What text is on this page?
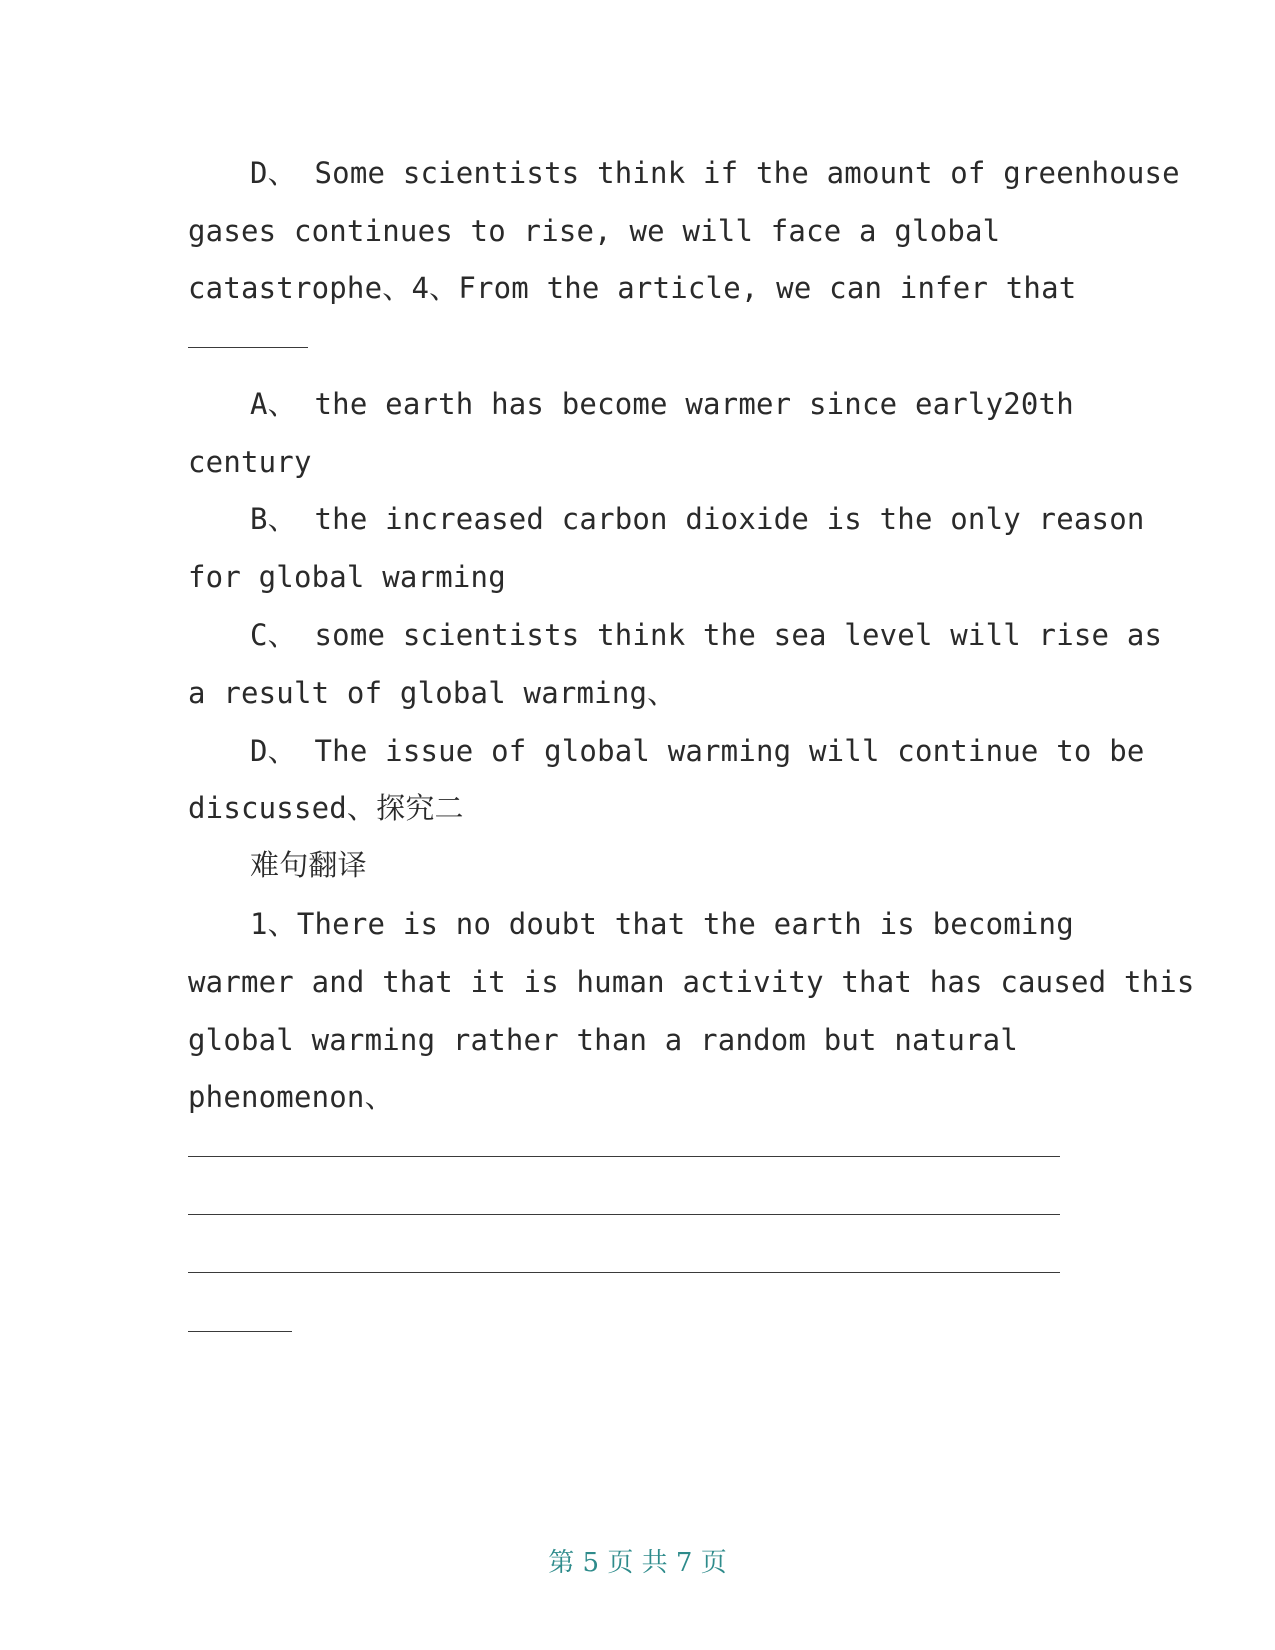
D、 Some scientists think if the amount of greenhouse
gases continues to rise, we will face a global
catastrophe、4、From the article, we can infer that
A、 the earth has become warmer since early20th
century
B、 the increased carbon dioxide is the only reason
for global warming
C、 some scientists think the sea level will rise as
a result of global warming、
D、 The issue of global warming will continue to be
discussed、探究二
难句翻译
1、There is no doubt that the earth is becoming
warmer and that it is human activity that has caused this
global warming rather than a random but natural
phenomenon、
第 5 页 共 7 页
